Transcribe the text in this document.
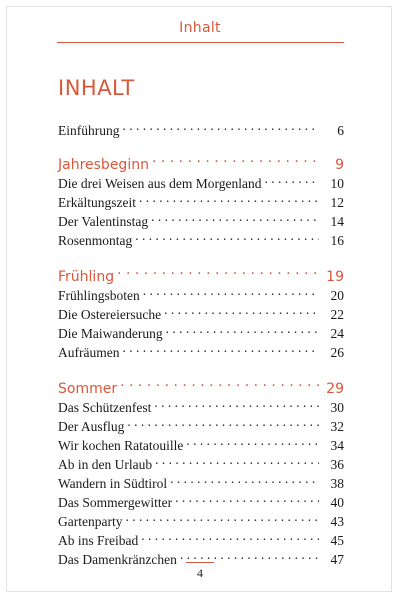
Inhalt
INHALT
Einführung . . .	6
Jahresbeginn . . .	9
Die drei Weisen aus dem Morgenland . . .	10
Erkältungszeit . . .	12
Der Valentinstag . . .	14
Rosenmontag . . .	16
Frühling . . .	19
Frühlingsboten . . .	20
Die Ostereiersuche . . .	22
Die Maiwanderung . . .	24
Aufräumen . . .	26
Sommer . . .	29
Das Schützenfest . . .	30
Der Ausflug . . .	32
Wir kochen Ratatouille . . .	34
Ab in den Urlaub . . .	36
Wandern in Südtirol . . .	38
Das Sommergewitter . . .	40
Gartenparty . . .	43
Ab ins Freibad . . .	45
Das Damenkränzchen . . .	47
4
